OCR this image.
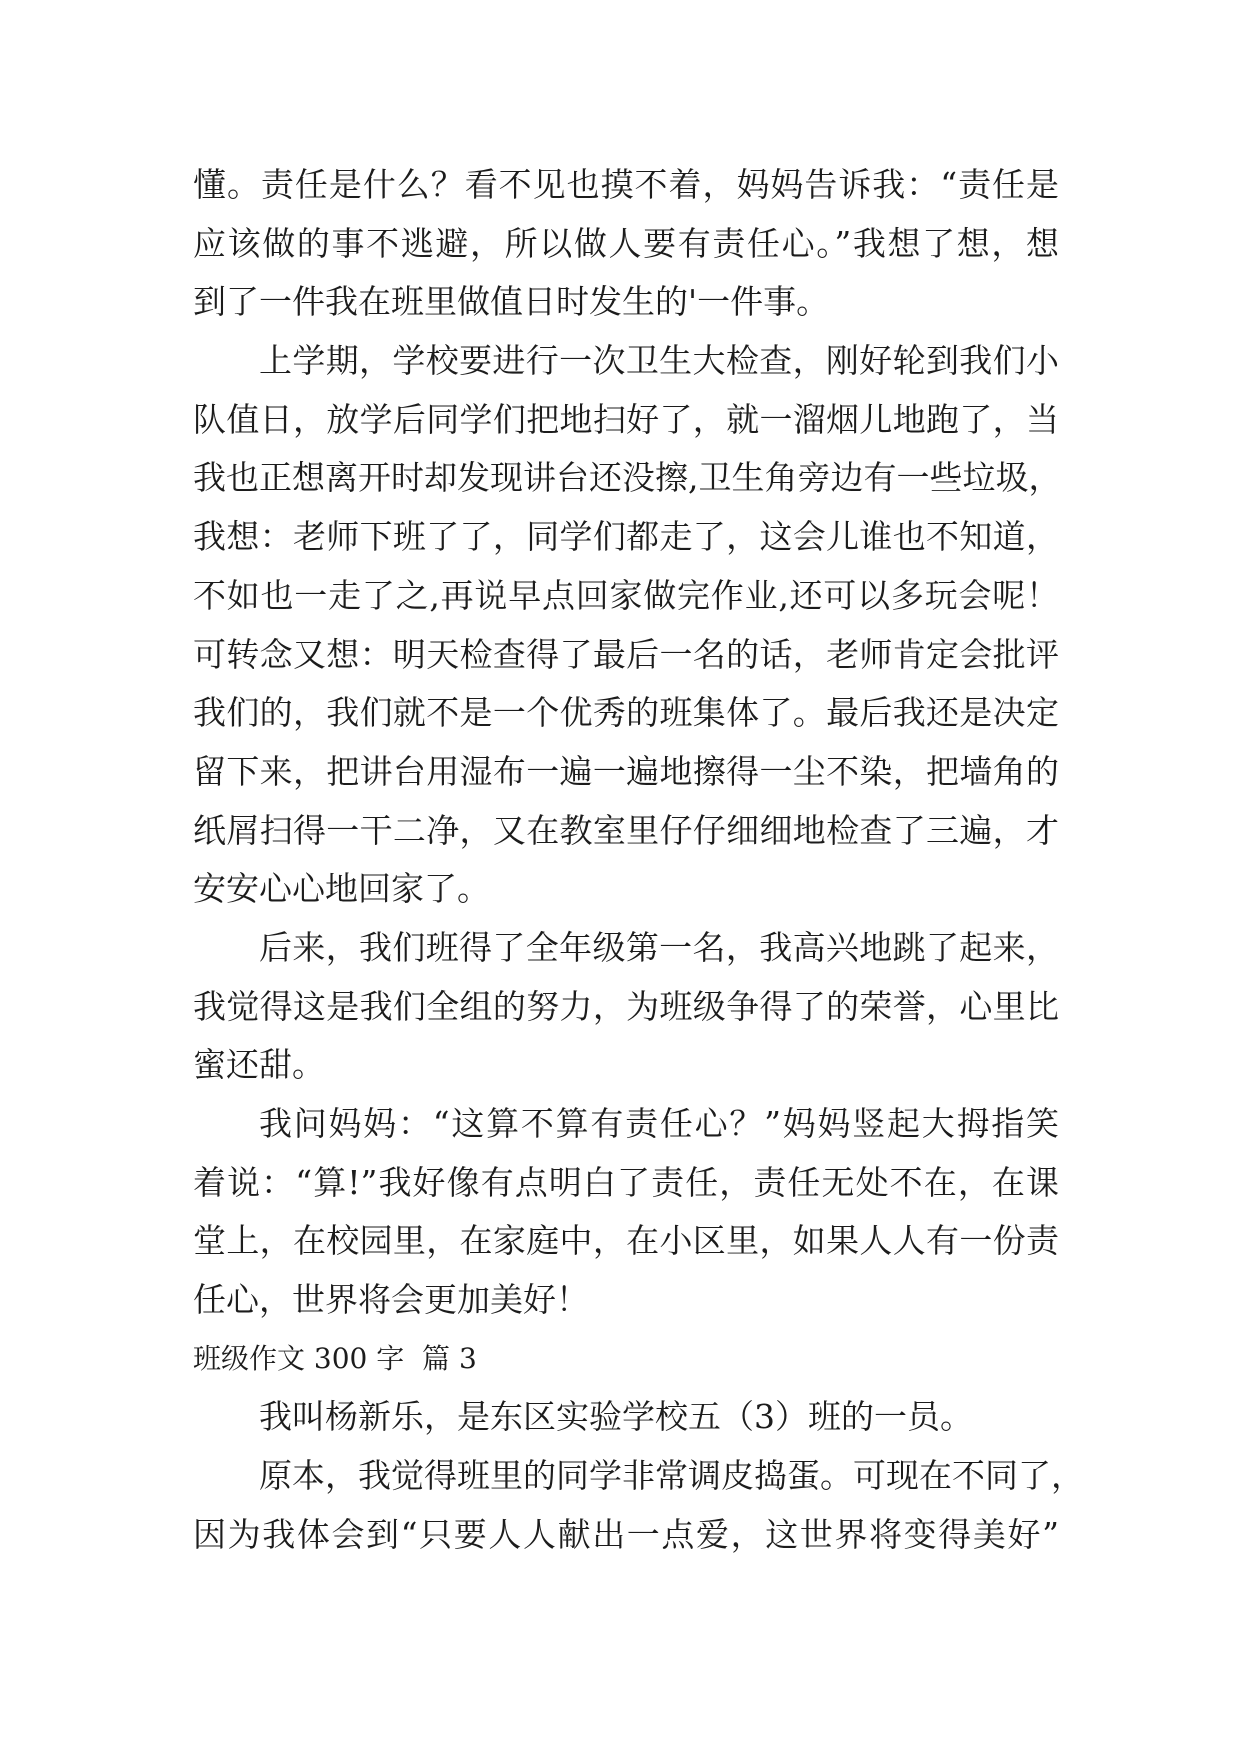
懂。责任是什么？看不见也摸不着，妈妈告诉我：“责任是
应该做的事不逃避，所以做人要有责任心。”我想了想，想
到了一件我在班里做值日时发生的'一件事。
上学期，学校要进行一次卫生大检查，刚好轮到我们小
队值日，放学后同学们把地扫好了，就一溜烟儿地跑了，当
我也正想离开时却发现讲台还没擦,卫生角旁边有一些垃圾，
我想：老师下班了了，同学们都走了，这会儿谁也不知道，
不如也一走了之,再说早点回家做完作业,还可以多玩会呢！
可转念又想：明天检查得了最后一名的话，老师肯定会批评
我们的，我们就不是一个优秀的班集体了。最后我还是决定
留下来，把讲台用湿布一遍一遍地擦得一尘不染，把墙角的
纸屑扫得一干二净，又在教室里仔仔细细地检查了三遍，才
安安心心地回家了。
后来，我们班得了全年级第一名，我高兴地跳了起来，
我觉得这是我们全组的努力，为班级争得了的荣誉，心里比
蜜还甜。
我问妈妈：“这算不算有责任心？”妈妈竖起大拇指笑
着说：“算!”我好像有点明白了责任，责任无处不在，在课
堂上，在校园里，在家庭中，在小区里，如果人人有一份责
任心，世界将会更加美好！
班级作文 300 字  篇 3
我叫杨新乐，是东区实验学校五（3）班的一员。
原本，我觉得班里的同学非常调皮捣蛋。可现在不同了，
因为我体会到“只要人人献出一点爱，这世界将变得美好”
